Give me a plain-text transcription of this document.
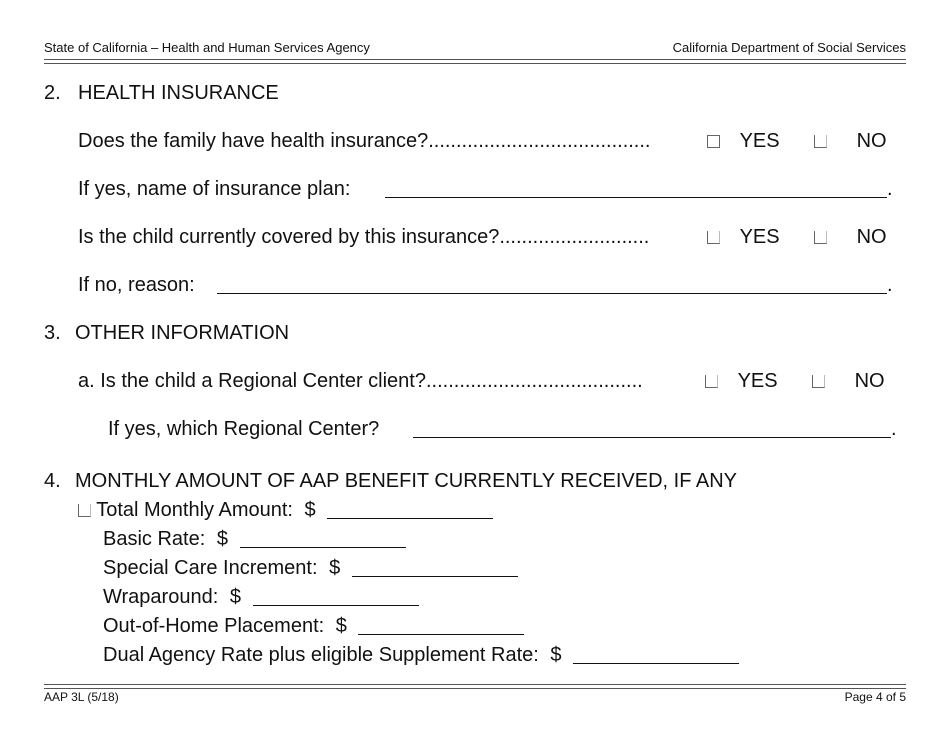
State of California – Health and Human Services Agency	California Department of Social Services
2. HEALTH INSURANCE
Does the family have health insurance?........................................	YES	NO
If yes, name of insurance plan:	.
Is the child currently covered by this insurance?...........................	YES	NO
If no, reason:	.
3. OTHER INFORMATION
a. Is the child a Regional Center client?.......................................	YES	NO
If yes, which Regional Center?	.
4. MONTHLY AMOUNT OF AAP BENEFIT CURRENTLY RECEIVED, IF ANY
Total Monthly Amount: $
Basic Rate: $
Special Care Increment: $
Wraparound: $
Out-of-Home Placement: $
Dual Agency Rate plus eligible Supplement Rate: $
AAP 3L (5/18)	Page 4 of 5
